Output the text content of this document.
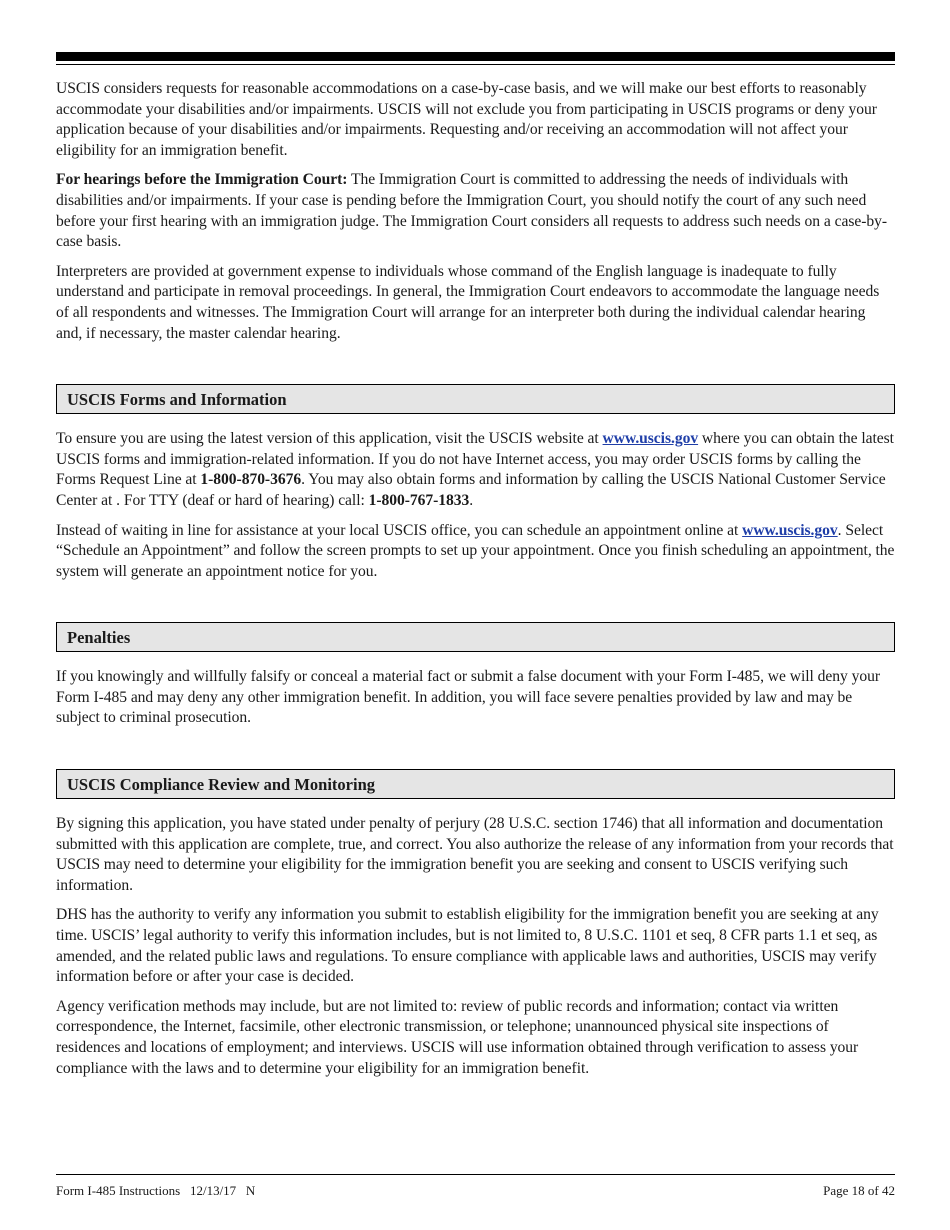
USCIS considers requests for reasonable accommodations on a case-by-case basis, and we will make our best efforts to reasonably accommodate your disabilities and/or impairments. USCIS will not exclude you from participating in USCIS programs or deny your application because of your disabilities and/or impairments. Requesting and/or receiving an accommodation will not affect your eligibility for an immigration benefit.

For hearings before the Immigration Court: The Immigration Court is committed to addressing the needs of individuals with disabilities and/or impairments. If your case is pending before the Immigration Court, you should notify the court of any such need before your first hearing with an immigration judge. The Immigration Court considers all requests to address such needs on a case-by-case basis.

Interpreters are provided at government expense to individuals whose command of the English language is inadequate to fully understand and participate in removal proceedings. In general, the Immigration Court endeavors to accommodate the language needs of all respondents and witnesses. The Immigration Court will arrange for an interpreter both during the individual calendar hearing and, if necessary, the master calendar hearing.

USCIS Forms and Information

To ensure you are using the latest version of this application, visit the USCIS website at www.uscis.gov where you can obtain the latest USCIS forms and immigration-related information. If you do not have Internet access, you may order USCIS forms by calling the Forms Request Line at 1-800-870-3676. You may also obtain forms and information by calling the USCIS National Customer Service Center at . For TTY (deaf or hard of hearing) call: 1-800-767-1833.

Instead of waiting in line for assistance at your local USCIS office, you can schedule an appointment online at www.uscis.gov. Select “Schedule an Appointment” and follow the screen prompts to set up your appointment. Once you finish scheduling an appointment, the system will generate an appointment notice for you.

Penalties

If you knowingly and willfully falsify or conceal a material fact or submit a false document with your Form I-485, we will deny your Form I-485 and may deny any other immigration benefit. In addition, you will face severe penalties provided by law and may be subject to criminal prosecution.

USCIS Compliance Review and Monitoring

By signing this application, you have stated under penalty of perjury (28 U.S.C. section 1746) that all information and documentation submitted with this application are complete, true, and correct. You also authorize the release of any information from your records that USCIS may need to determine your eligibility for the immigration benefit you are seeking and consent to USCIS verifying such information.

DHS has the authority to verify any information you submit to establish eligibility for the immigration benefit you are seeking at any time. USCIS’ legal authority to verify this information includes, but is not limited to, 8 U.S.C. 1101 et seq, 8 CFR parts 1.1 et seq, as amended, and the related public laws and regulations. To ensure compliance with applicable laws and authorities, USCIS may verify information before or after your case is decided.

Agency verification methods may include, but are not limited to: review of public records and information; contact via written correspondence, the Internet, facsimile, other electronic transmission, or telephone; unannounced physical site inspections of residences and locations of employment; and interviews. USCIS will use information obtained through verification to assess your compliance with the laws and to determine your eligibility for an immigration benefit.

Form I-485 Instructions   12/13/17   N	Page 18 of 42
